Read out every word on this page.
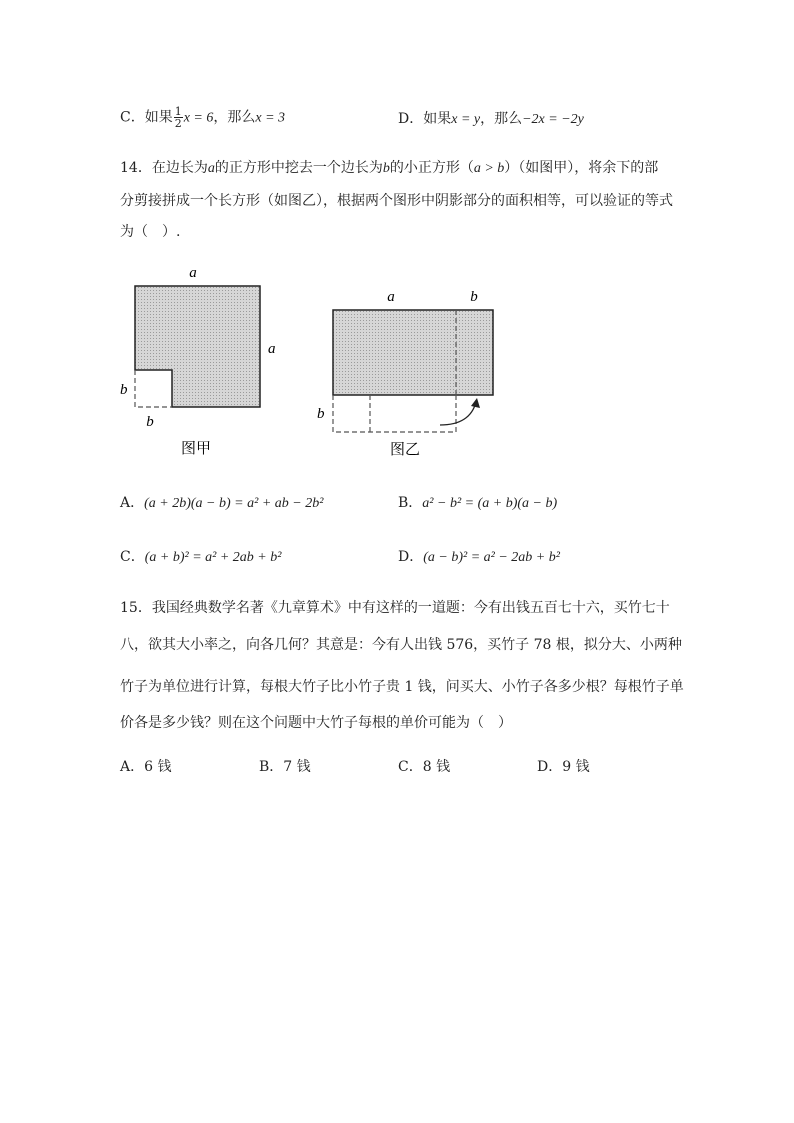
C．如果 $\frac{1}{2}$ x = 6，那么x = 3	D．如果x = y，那么−2x = −2y
14．在边长为a的正方形中挖去一个边长为b的小正方形（a > b）（如图甲），将余下的部
分剪接拼成一个长方形（如图乙），根据两个图形中阴影部分的面积相等，可以验证的等式
为（　）.
a
a
b
b
图甲
a	b
b
图乙
A．(a + 2b)(a − b) = a² + ab − 2b²	B．a² − b² = (a + b)(a − b)
C．(a + b)² = a² + 2ab + b²	D．(a − b)² = a² − 2ab + b²
15．我国经典数学名著《九章算术》中有这样的一道题：今有出钱五百七十六，买竹七十
八，欲其大小率之，向各几何？其意是：今有人出钱 576，买竹子 78 根，拟分大、小两种
竹子为单位进行计算，每根大竹子比小竹子贵 1 钱，问买大、小竹子各多少根？每根竹子单
价各是多少钱？则在这个问题中大竹子每根的单价可能为（　）
A．6 钱	B．7 钱	C．8 钱	D．9 钱
